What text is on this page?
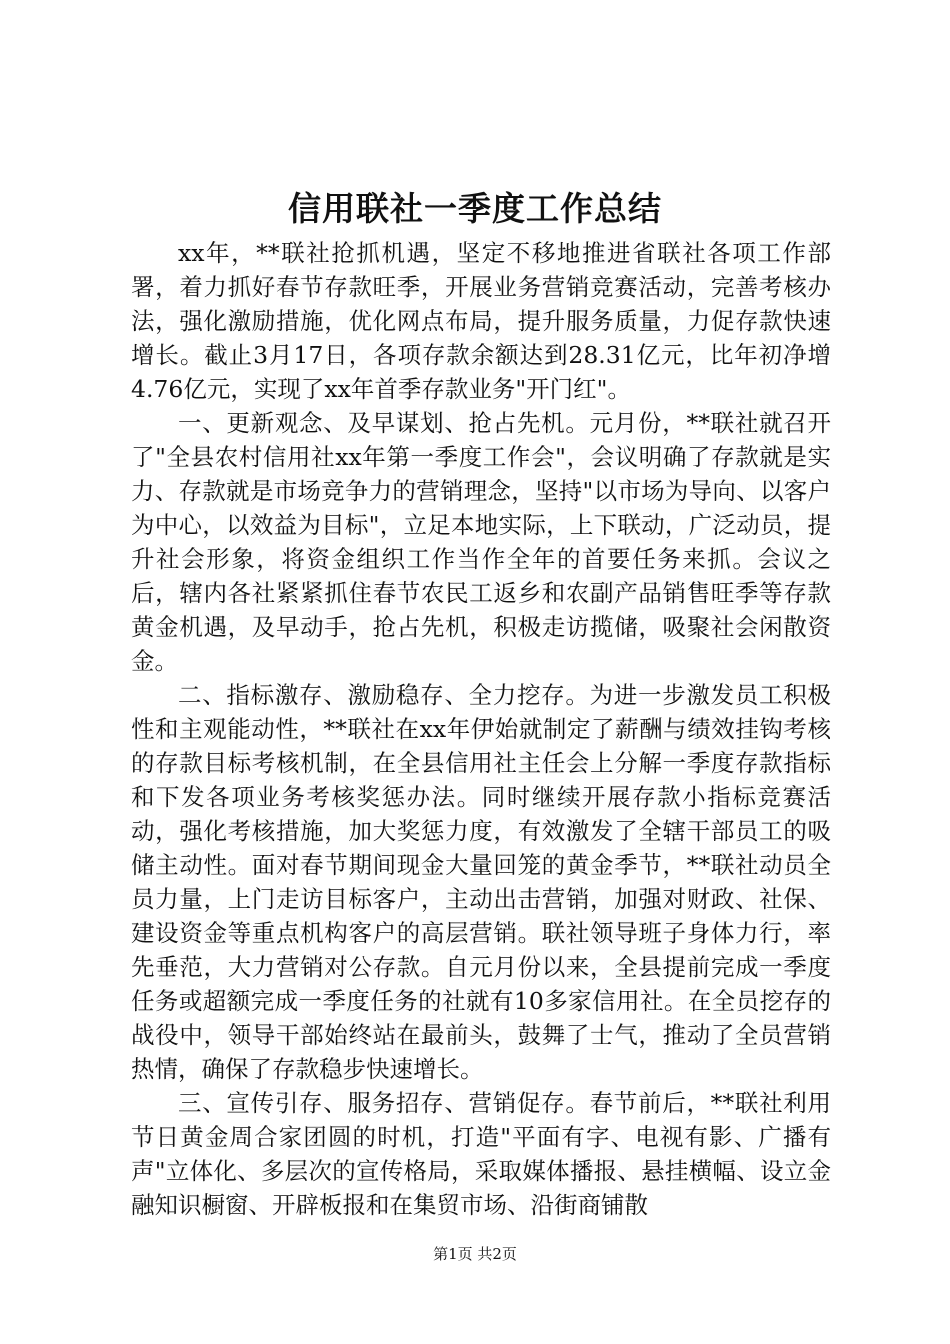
信用联社一季度工作总结

xx年，**联社抢抓机遇，坚定不移地推进省联社各项工作部署，着力抓好春节存款旺季，开展业务营销竞赛活动，完善考核办法，强化激励措施，优化网点布局，提升服务质量，力促存款快速增长。截止3月17日，各项存款余额达到28.31亿元，比年初净增4.76亿元，实现了xx年首季存款业务"开门红"。

一、更新观念、及早谋划、抢占先机。元月份，**联社就召开了"全县农村信用社xx年第一季度工作会"，会议明确了存款就是实力、存款就是市场竞争力的营销理念，坚持"以市场为导向、以客户为中心，以效益为目标"，立足本地实际，上下联动，广泛动员，提升社会形象，将资金组织工作当作全年的首要任务来抓。会议之后，辖内各社紧紧抓住春节农民工返乡和农副产品销售旺季等存款黄金机遇，及早动手，抢占先机，积极走访揽储，吸聚社会闲散资金。

二、指标激存、激励稳存、全力挖存。为进一步激发员工积极性和主观能动性，**联社在xx年伊始就制定了薪酬与绩效挂钩考核的存款目标考核机制，在全县信用社主任会上分解一季度存款指标和下发各项业务考核奖惩办法。同时继续开展存款小指标竞赛活动，强化考核措施，加大奖惩力度，有效激发了全辖干部员工的吸储主动性。面对春节期间现金大量回笼的黄金季节，**联社动员全员力量，上门走访目标客户，主动出击营销，加强对财政、社保、建设资金等重点机构客户的高层营销。联社领导班子身体力行，率先垂范，大力营销对公存款。自元月份以来，全县提前完成一季度任务或超额完成一季度任务的社就有10多家信用社。在全员挖存的战役中，领导干部始终站在最前头，鼓舞了士气，推动了全员营销热情，确保了存款稳步快速增长。

三、宣传引存、服务招存、营销促存。春节前后，**联社利用节日黄金周合家团圆的时机，打造"平面有字、电视有影、广播有声"立体化、多层次的宣传格局，采取媒体播报、悬挂横幅、设立金融知识橱窗、开辟板报和在集贸市场、沿街商铺散

第1页 共2页
